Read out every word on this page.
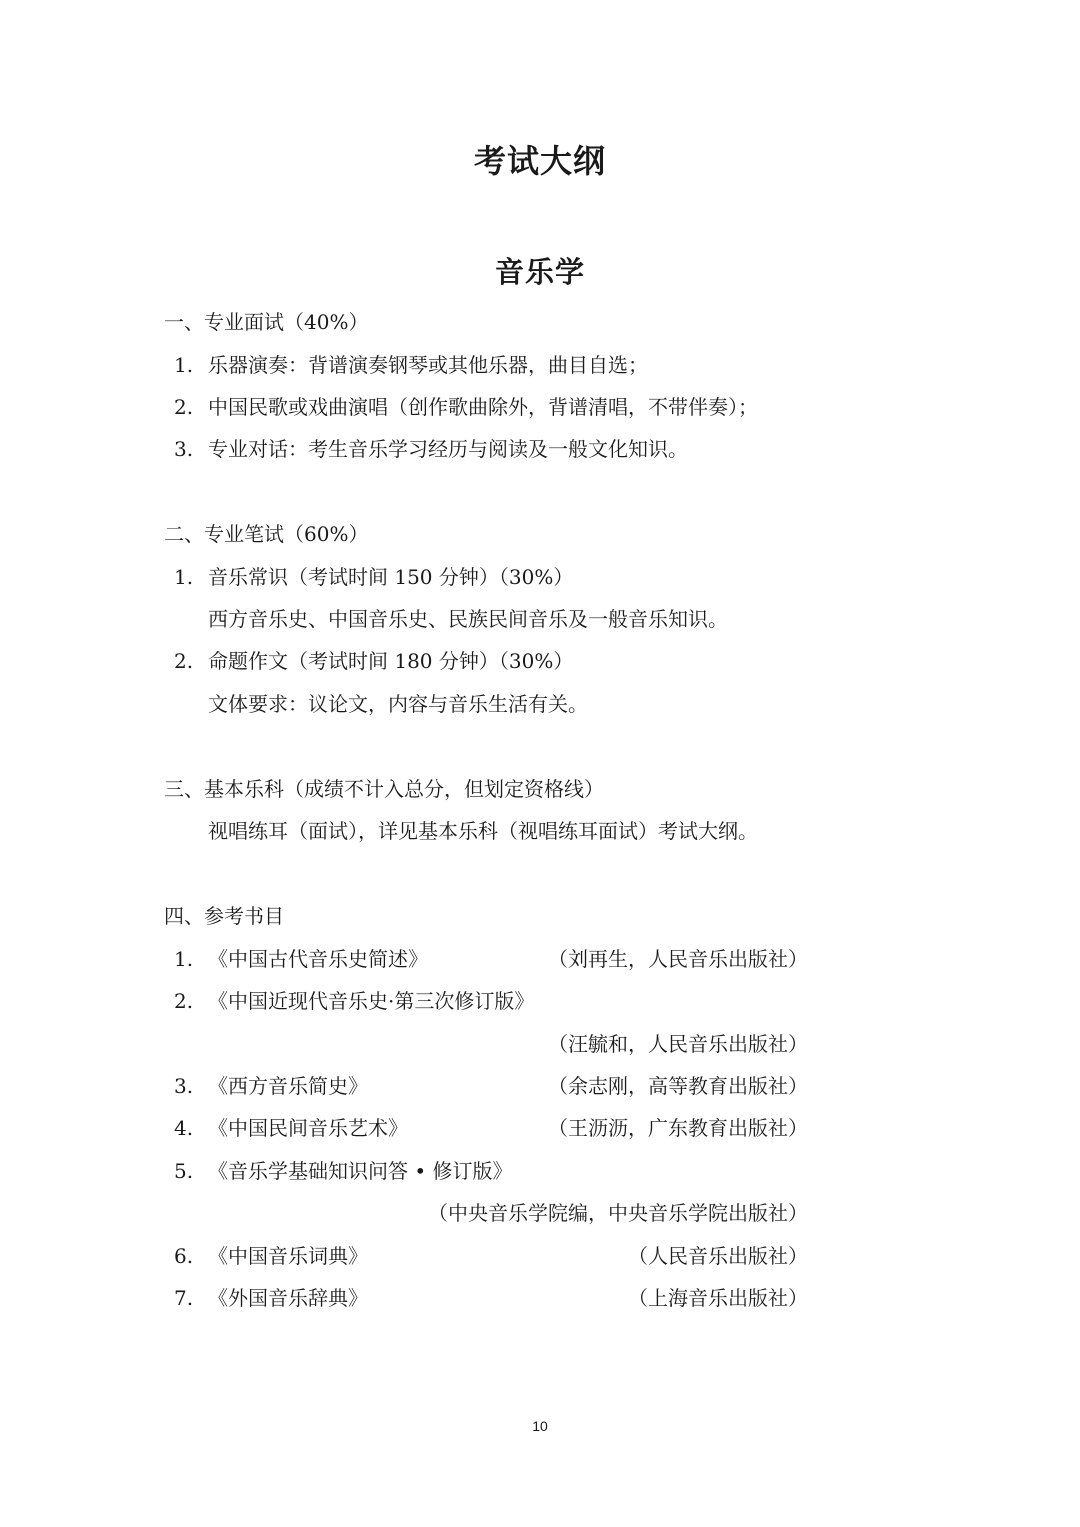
考试大纲
音乐学
一、专业面试（40%）
1. 乐器演奏：背谱演奏钢琴或其他乐器，曲目自选；
2. 中国民歌或戏曲演唱（创作歌曲除外，背谱清唱，不带伴奏）；
3. 专业对话：考生音乐学习经历与阅读及一般文化知识。
二、专业笔试（60%）
1. 音乐常识（考试时间 150 分钟）（30%）
西方音乐史、中国音乐史、民族民间音乐及一般音乐知识。
2. 命题作文（考试时间 180 分钟）（30%）
文体要求：议论文，内容与音乐生活有关。
三、基本乐科（成绩不计入总分，但划定资格线）
视唱练耳（面试），详见基本乐科（视唱练耳面试）考试大纲。
四、参考书目
1. 《中国古代音乐史简述》	（刘再生，人民音乐出版社）
2. 《中国近现代音乐史·第三次修订版》
（汪毓和，人民音乐出版社）
3. 《西方音乐简史》	（余志刚，高等教育出版社）
4. 《中国民间音乐艺术》	（王沥沥，广东教育出版社）
5. 《音乐学基础知识问答 • 修订版》
（中央音乐学院编，中央音乐学院出版社）
6. 《中国音乐词典》	（人民音乐出版社）
7. 《外国音乐辞典》	（上海音乐出版社）
10
